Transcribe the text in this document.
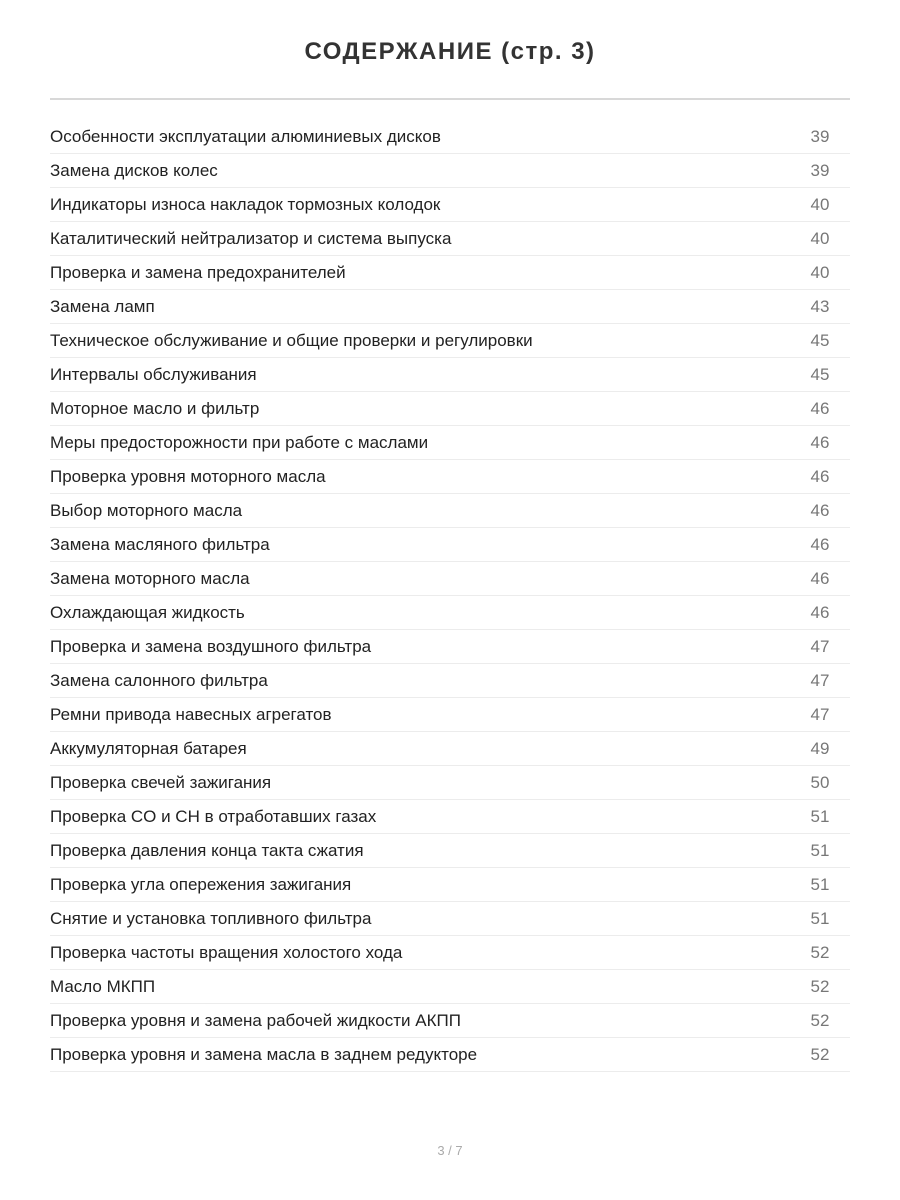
СОДЕРЖАНИЕ (стр. 3)
Особенности эксплуатации алюминиевых дисков	39
Замена дисков колес	39
Индикаторы износа накладок тормозных колодок	40
Каталитический нейтрализатор и система выпуска	40
Проверка и замена предохранителей	40
Замена ламп	43
Техническое обслуживание и общие проверки и регулировки	45
Интервалы обслуживания	45
Моторное масло и фильтр	46
Меры предосторожности при работе с маслами	46
Проверка уровня моторного масла	46
Выбор моторного масла	46
Замена масляного фильтра	46
Замена моторного масла	46
Охлаждающая жидкость	46
Проверка и замена воздушного фильтра	47
Замена салонного фильтра	47
Ремни привода навесных агрегатов	47
Аккумуляторная батарея	49
Проверка свечей зажигания	50
Проверка CO и CH в отработавших газах	51
Проверка давления конца такта сжатия	51
Проверка угла опережения зажигания	51
Снятие и установка топливного фильтра	51
Проверка частоты вращения холостого хода	52
Масло МКПП	52
Проверка уровня и замена рабочей жидкости АКПП	52
Проверка уровня и замена масла в заднем редукторе	52
3 / 7
